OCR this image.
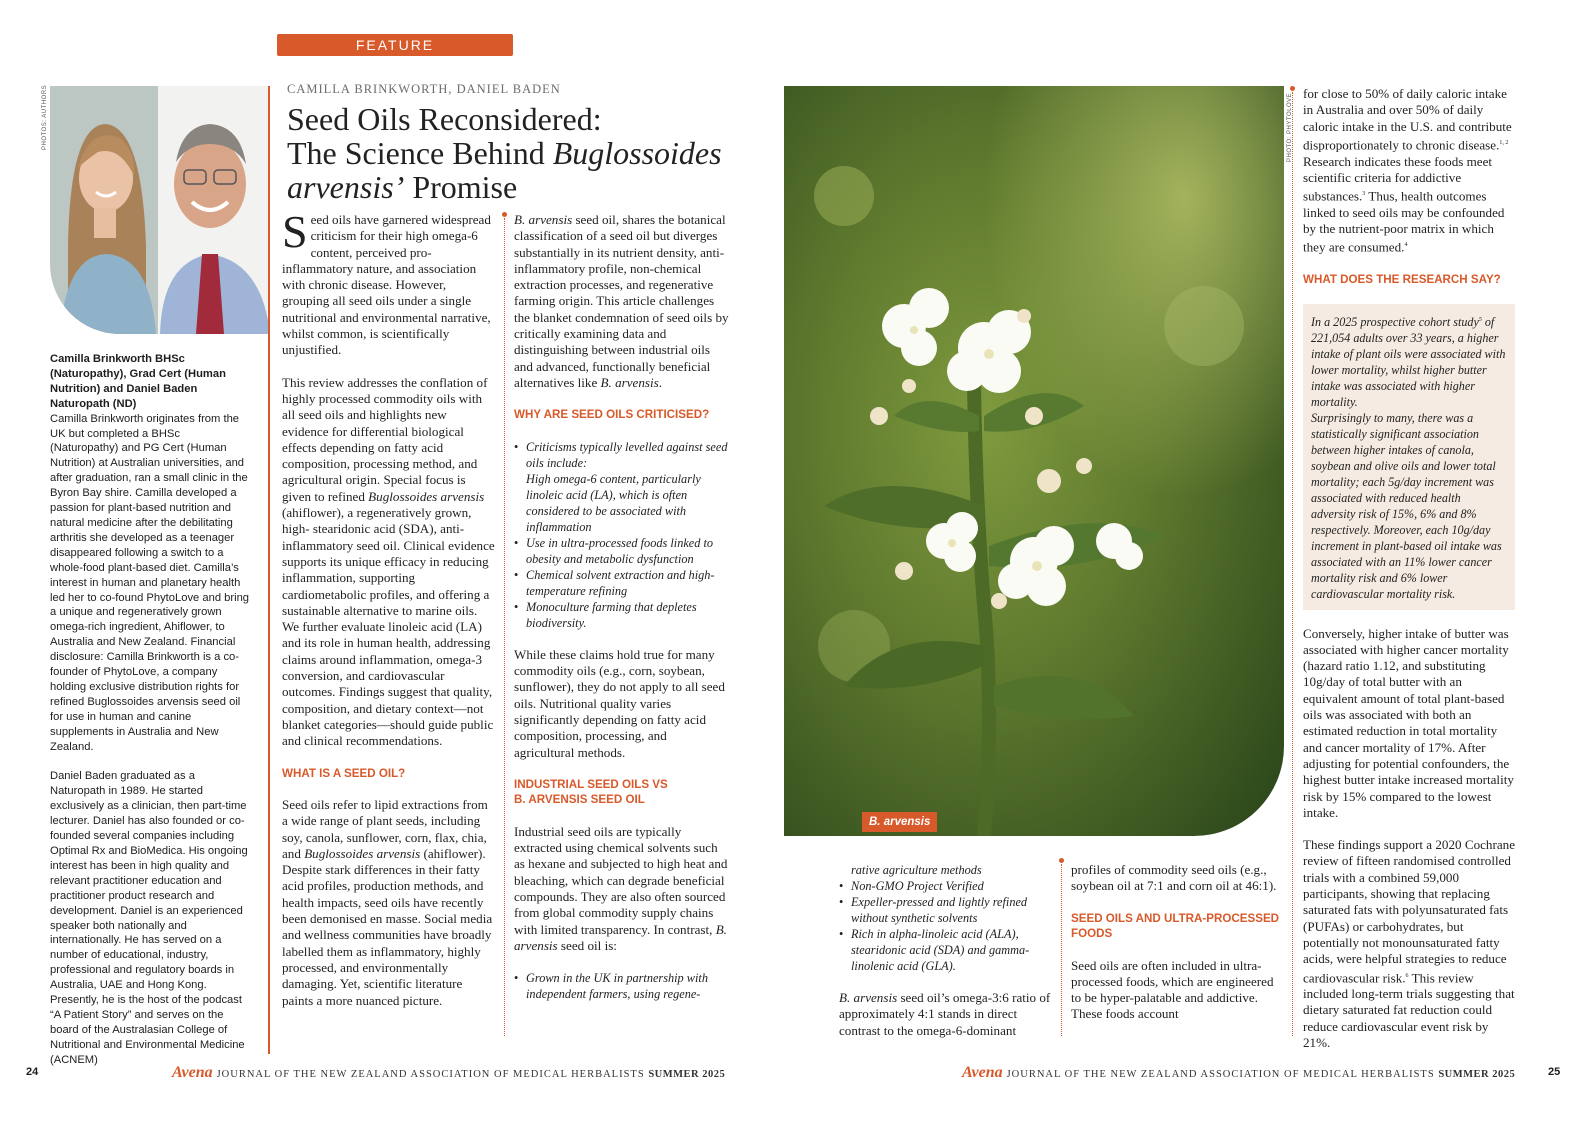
FEATURE
PHOTOS: AUTHORS
Camilla Brinkworth BHSc (Naturopathy), Grad Cert (Human Nutrition) and Daniel Baden Naturopath (ND)

Camilla Brinkworth originates from the UK but completed a BHSc (Naturopathy) and PG Cert (Human Nutrition) at Australian universities, and after graduation, ran a small clinic in the Byron Bay shire. Camilla developed a passion for plant-based nutrition and natural medicine after the debilitating arthritis she developed as a teenager disappeared following a switch to a whole-food plant-based diet. Camilla’s interest in human and planetary health led her to co-found PhytoLove and bring a unique and regeneratively grown omega-rich ingredient, Ahiflower, to Australia and New Zealand. Financial disclosure: Camilla Brinkworth is a co-founder of PhytoLove, a company holding exclusive distribution rights for refined Buglossoides arvensis seed oil for use in human and canine supplements in Australia and New Zealand.

Daniel Baden graduated as a Naturopath in 1989. He started exclusively as a clinician, then part-time lecturer. Daniel has also founded or co-founded several companies including Optimal Rx and BioMedica. His ongoing interest has been in high quality and relevant practitioner education and practitioner product research and development. Daniel is an experienced speaker both nationally and internationally. He has served on a number of educational, industry, professional and regulatory boards in Australia, UAE and Hong Kong. Presently, he is the host of the podcast “A Patient Story” and serves on the board of the Australasian College of Nutritional and Environmental Medicine (ACNEM)

CAMILLA BRINKWORTH, DANIEL BADEN
Seed Oils Reconsidered:
The Science Behind Buglossoides
arvensis’ Promise

Seed oils have garnered widespread criticism for their high omega-6 content, perceived pro-inflammatory nature, and association with chronic disease. However, grouping all seed oils under a single nutritional and environmental narrative, whilst common, is scientifically unjustified.

This review addresses the conflation of highly processed commodity oils with all seed oils and highlights new evidence for differential biological effects depending on fatty acid composition, processing method, and agricultural origin. Special focus is given to refined Buglossoides arvensis (ahiflower), a regeneratively grown, high- stearidonic acid (SDA), anti-inflammatory seed oil. Clinical evidence supports its unique efficacy in reducing inflammation, supporting cardiometabolic profiles, and offering a sustainable alternative to marine oils. We further evaluate linoleic acid (LA) and its role in human health, addressing claims around inflammation, omega-3 conversion, and cardiovascular outcomes. Findings suggest that quality, composition, and dietary context—not blanket categories—should guide public and clinical recommendations.

WHAT IS A SEED OIL?

Seed oils refer to lipid extractions from a wide range of plant seeds, including soy, canola, sunflower, corn, flax, chia, and Buglossoides arvensis (ahiflower). Despite stark differences in their fatty acid profiles, production methods, and health impacts, seed oils have recently been demonised en masse. Social media and wellness communities have broadly labelled them as inflammatory, highly processed, and environmentally damaging. Yet, scientific literature paints a more nuanced picture.

B. arvensis seed oil, shares the botanical classification of a seed oil but diverges substantially in its nutrient density, anti-inflammatory profile, non-chemical extraction processes, and regenerative farming origin. This article challenges the blanket condemnation of seed oils by critically examining data and distinguishing between industrial oils and advanced, functionally beneficial alternatives like B. arvensis.

WHY ARE SEED OILS CRITICISED?
• Criticisms typically levelled against seed oils include:
High omega-6 content, particularly linoleic acid (LA), which is often considered to be associated with inflammation
• Use in ultra-processed foods linked to obesity and metabolic dysfunction
• Chemical solvent extraction and high-temperature refining
• Monoculture farming that depletes biodiversity.

While these claims hold true for many commodity oils (e.g., corn, soybean, sunflower), they do not apply to all seed oils. Nutritional quality varies significantly depending on fatty acid composition, processing, and agricultural methods.

INDUSTRIAL SEED OILS VS
B. ARVENSIS SEED OIL

Industrial seed oils are typically extracted using chemical solvents such as hexane and subjected to high heat and bleaching, which can degrade beneficial compounds. They are also often sourced from global commodity supply chains with limited transparency. In contrast, B. arvensis seed oil is:

• Grown in the UK in partnership with independent farmers, using regene-
B. arvensis
rative agriculture methods
• Non-GMO Project Verified
• Expeller-pressed and lightly refined without synthetic solvents
• Rich in alpha-linoleic acid (ALA), stearidonic acid (SDA) and gamma-linolenic acid (GLA).

B. arvensis seed oil’s omega-3:6 ratio of approximately 4:1 stands in direct contrast to the omega-6-dominant

profiles of commodity seed oils (e.g., soybean oil at 7:1 and corn oil at 46:1).

SEED OILS AND ULTRA-PROCESSED FOODS

Seed oils are often included in ultra-processed foods, which are engineered to be hyper-palatable and addictive. These foods account

PHOTO: PHYTOLOVE for close to 50% of daily caloric intake in Australia and over 50% of daily caloric intake in the U.S. and contribute disproportionately to chronic disease.$^{1, 2}$ Research indicates these foods meet scientific criteria for addictive substances.$^3$ Thus, health outcomes linked to seed oils may be confounded by the nutrient-poor matrix in which they are consumed.$^4$

WHAT DOES THE RESEARCH SAY?

In a 2025 prospective cohort study$^5$ of 221,054 adults over 33 years, a higher intake of plant oils were associated with lower mortality, whilst higher butter intake was associated with higher mortality.

Surprisingly to many, there was a statistically significant association between higher intakes of canola, soybean and olive oils and lower total mortality; each 5g/day increment was associated with reduced health adversity risk of 15%, 6% and 8% respectively. Moreover, each 10g/day increment in plant-based oil intake was associated with an 11% lower cancer mortality risk and 6% lower cardiovascular mortality risk.

Conversely, higher intake of butter was associated with higher cancer mortality (hazard ratio 1.12, and substituting 10g/day of total butter with an equivalent amount of total plant-based oils was associated with both an estimated reduction in total mortality and cancer mortality of 17%. After adjusting for potential confounders, the highest butter intake increased mortality risk by 15% compared to the lowest intake.

These findings support a 2020 Cochrane review of fifteen randomised controlled trials with a combined 59,000 participants, showing that replacing saturated fats with polyunsaturated fats (PUFAs) or carbohydrates, but potentially not monounsaturated fatty acids, were helpful strategies to reduce cardiovascular risk.$^6$ This review included long-term trials suggesting that dietary saturated fat reduction could reduce cardiovascular event risk by 21%.

24	Avena JOURNAL OF THE NEW ZEALAND ASSOCIATION OF MEDICAL HERBALISTS SUMMER 2025	Avena JOURNAL OF THE NEW ZEALAND ASSOCIATION OF MEDICAL HERBALISTS SUMMER 2025	25
